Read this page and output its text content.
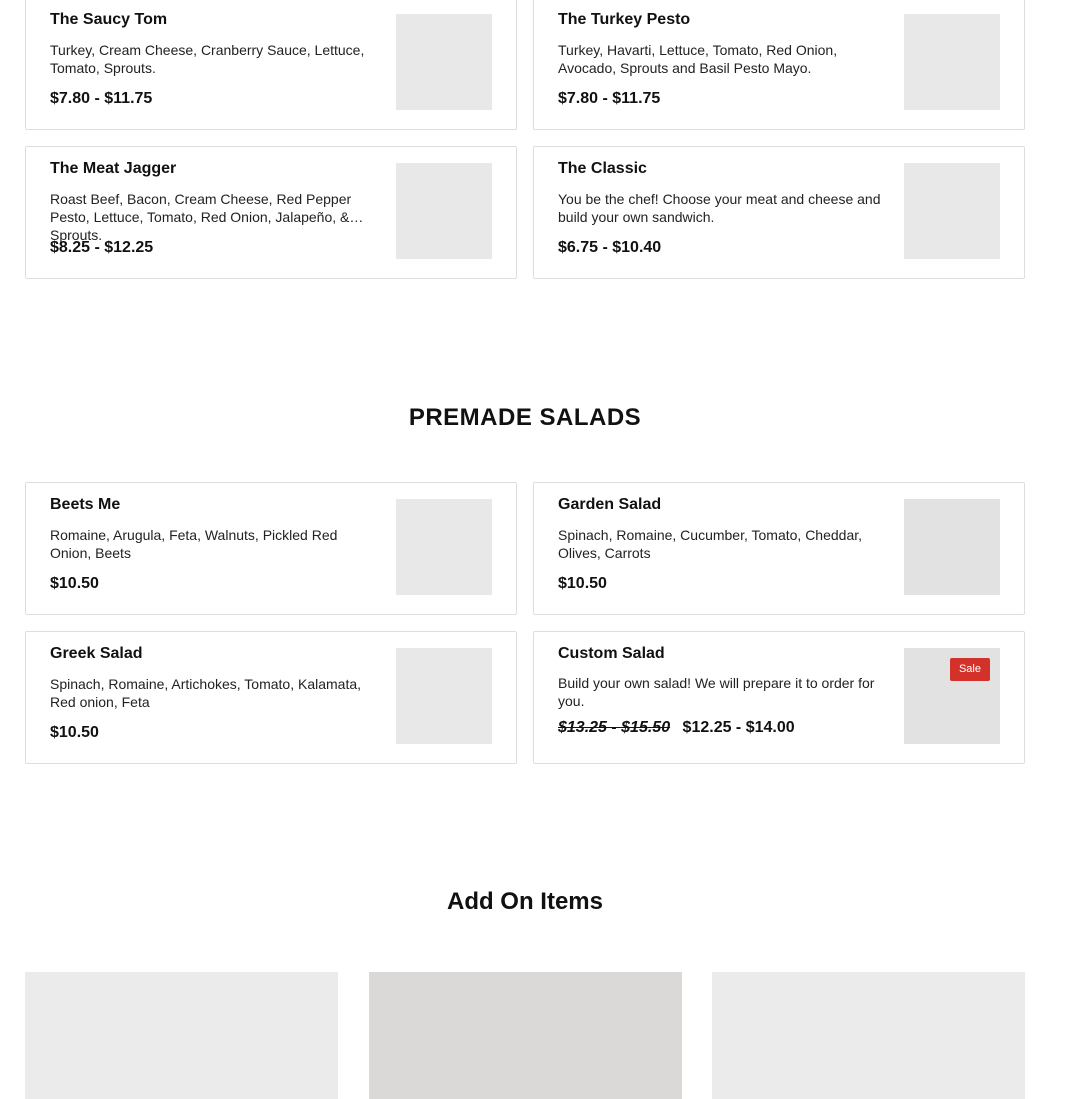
The Saucy Tom
Turkey, Cream Cheese, Cranberry Sauce, Lettuce, Tomato, Sprouts.
$7.80 - $11.75
The Turkey Pesto
Turkey, Havarti, Lettuce, Tomato, Red Onion, Avocado, Sprouts and Basil Pesto Mayo.
$7.80 - $11.75
The Meat Jagger
Roast Beef, Bacon, Cream Cheese, Red Pepper Pesto, Lettuce, Tomato, Red Onion, Jalapeño, & Sprouts.
$8.25 - $12.25
The Classic
You be the chef! Choose your meat and cheese and build your own sandwich.
$6.75 - $10.40
PREMADE SALADS
Beets Me
Romaine, Arugula, Feta, Walnuts, Pickled Red Onion, Beets
$10.50
Garden Salad
Spinach, Romaine, Cucumber, Tomato, Cheddar, Olives, Carrots
$10.50
Greek Salad
Spinach, Romaine, Artichokes, Tomato, Kalamata, Red onion, Feta
$10.50
Custom Salad
Build your own salad! We will prepare it to order for you.
$13.25 - $15.50 $12.25 - $14.00
Sale
Add On Items
